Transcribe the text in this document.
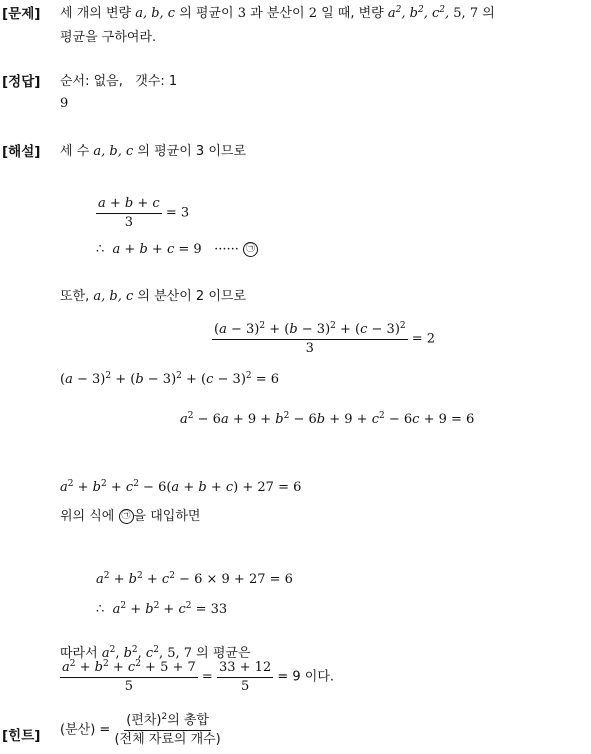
[문제] 세 개의 변량 a, b, c 의 평균이 3 과 분산이 2 일 때, 변량 $a^2$, $b^2$, $c^2$, 5, 7 의
평균을 구하여라.
[정답] 순서: 없음,   갯수: 1
9
[해설] 세 수 a, b, c 의 평균이 3 이므로
$\frac{a + b + c}{3} = 3$
∴  a + b + c = 9   ······ ㉠
또한, a, b, c 의 분산이 2 이므로
$\frac{(a - 3)^2 + (b - 3)^2 + (c - 3)^2}{3} = 2$
$(a - 3)^2 + (b - 3)^2 + (c - 3)^2 = 6$
$a^2 - 6a + 9 + b^2 - 6b + 9 + c^2 - 6c + 9 = 6$
$a^2 + b^2 + c^2 - 6(a + b + c) + 27 = 6$
위의 식에 ㉠ 을 대입하면
$a^2 + b^2 + c^2 - 6 \times 9 + 27 = 6$
∴ $a^2 + b^2 + c^2 = 33$
따라서 $a^2$, $b^2$, $c^2$, 5, 7 의 평균은
$\frac{a^2 + b^2 + c^2 + 5 + 7}{5} = \frac{33 + 12}{5} = 9$ 이다.
[힌트] (분산) = $\frac{(편차)^2의 총합}{\text{(전체 자료의 개수)}}$
